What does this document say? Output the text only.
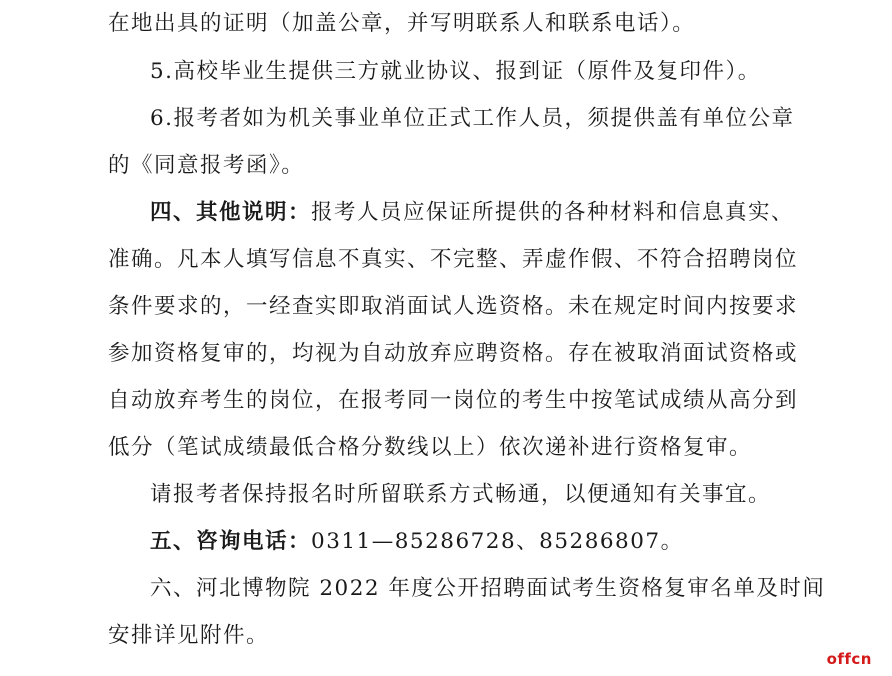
在地出具的证明（加盖公章，并写明联系人和联系电话）。
5.高校毕业生提供三方就业协议、报到证（原件及复印件）。
6.报考者如为机关事业单位正式工作人员，须提供盖有单位公章
的《同意报考函》。
四、其他说明：报考人员应保证所提供的各种材料和信息真实、
准确。凡本人填写信息不真实、不完整、弄虚作假、不符合招聘岗位
条件要求的，一经查实即取消面试人选资格。未在规定时间内按要求
参加资格复审的，均视为自动放弃应聘资格。存在被取消面试资格或
自动放弃考生的岗位，在报考同一岗位的考生中按笔试成绩从高分到
低分（笔试成绩最低合格分数线以上）依次递补进行资格复审。
请报考者保持报名时所留联系方式畅通，以便通知有关事宜。
五、咨询电话：0311—85286728、85286807。
六、河北博物院 2022 年度公开招聘面试考生资格复审名单及时间
安排详见附件。
offcn
